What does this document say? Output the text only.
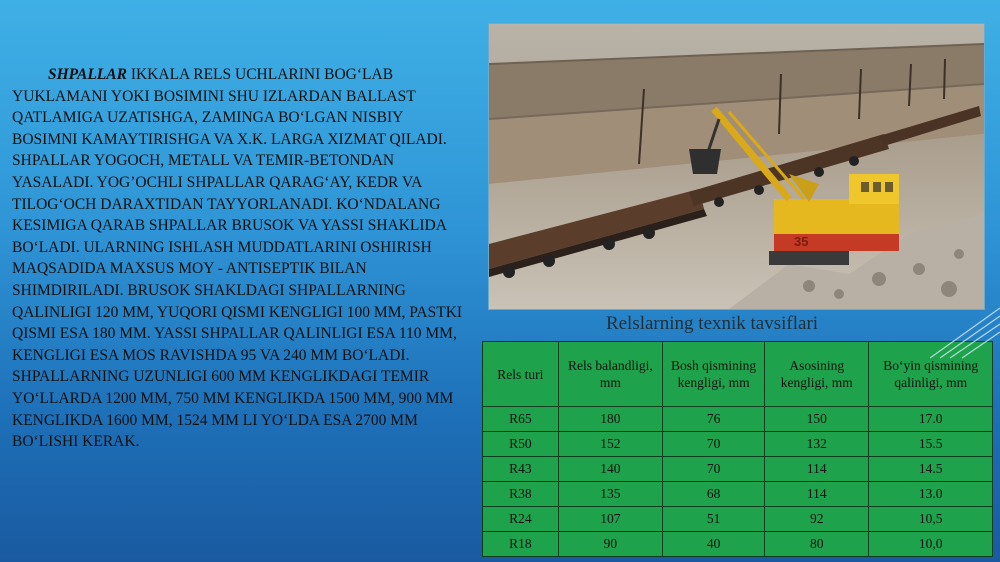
SHPALLAR IKKALA RELS UCHLARINI BOG‘LAB YUKLAMANI YOKI BOSIMINI SHU IZLARDAN BALLAST QATLAMIGA UZATISHGA, ZAMINGA BO‘LGAN NISBIY BOSIMNI KAMAYTIRISHGA VA X.K. LARGA XIZMAT QILADI.
SHPALLAR YOGOCH, METALL VA TEMIR-BETONDAN YASALADI. YOG’OCHLI SHPALLAR QARAG‘AY, KEDR VA TILOG‘OCH DARAXTIDAN TAYYORLANADI. KO‘NDALANG KESIMIGA QARAB SHPALLAR BRUSOK VA YASSI SHAKLIDA BO‘LADI. ULARNING ISHLASH MUDDATLARINI OSHIRISH MAQSADIDA MAXSUS MOY - ANTISEPTIK BILAN SHIMDIRILADI. BRUSOK SHAKLDAGI SHPALLARNING QALINLIGI 120 MM, YUQORI QISMI KENGLIGI 100 MM, PASTKI QISMI ESA 180 MM. YASSI SHPALLAR QALINLIGI ESA 110 MM, KENGLIGI ESA MOS RAVISHDA 95 VA 240 MM BO‘LADI. SHPALLARNING UZUNLIGI 600 MM KENGLIKDAGI TEMIR YO‘LLARDA 1200 MM, 750 MM KENGLIKDA 1500 MM, 900 MM KENGLIKDA 1600 MM, 1524 MM LI YO‘LDA ESA 2700 MM BO‘LISHI KERAK.
35
Relslarning texnik tavsiflari
Rels turi	Rels balandligi, mm	Bosh qismining kengligi, mm	Asosining kengligi, mm	Bo‘yin qismining qalinligi, mm
R65	180	76	150	17.0
R50	152	70	132	15.5
R43	140	70	114	14.5
R38	135	68	114	13.0
R24	107	51	92	10,5
R18	90	40	80	10,0
